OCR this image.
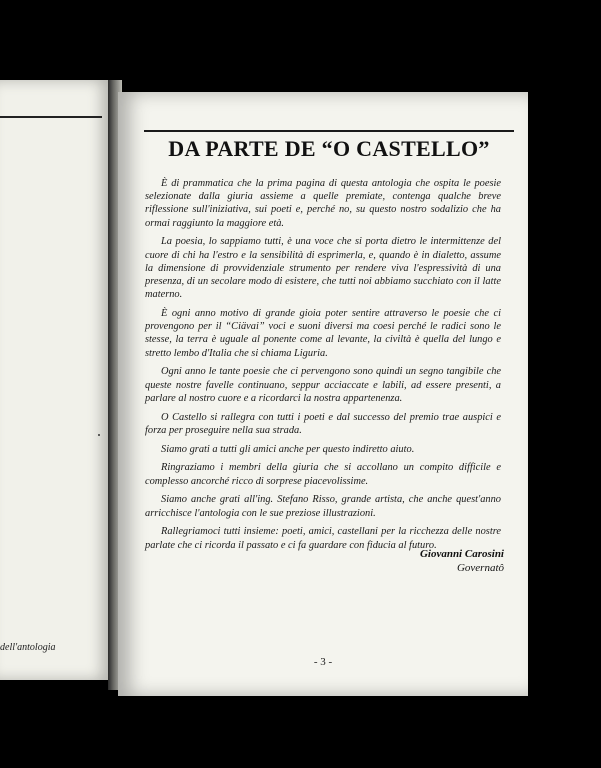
dell'antologia
DA PARTE DE “O CASTELLO”

È di prammatica che la prima pagina di questa antologia che ospita le poesie selezionate dalla giuria assieme a quelle premiate, contenga qualche breve riflessione sull'iniziativa, sui poeti e, perché no, su questo nostro sodalizio che ha ormai raggiunto la maggiore età.

La poesia, lo sappiamo tutti, è una voce che si porta dietro le intermittenze del cuore di chi ha l'estro e la sensibilità di esprimerla, e, quando è in dialetto, assume la dimensione di provvidenziale strumento per rendere viva l'espressività di una presenza, di un secolare modo di esistere, che tutti noi abbiamo succhiato con il latte materno.

È ogni anno motivo di grande gioia poter sentire attraverso le poesie che ci provengono per il “Ciävai” voci e suoni diversi ma coesi perché le radici sono le stesse, la terra è uguale al ponente come al levante, la civiltà è quella del lungo e stretto lembo d'Italia che si chiama Liguria.

Ogni anno le tante poesie che ci pervengono sono quindi un segno tangibile che queste nostre favelle continuano, seppur acciaccate e labili, ad essere presenti, a parlare al nostro cuore e a ricordarci la nostra appartenenza.

O Castello si rallegra con tutti i poeti e dal successo del premio trae auspici e forza per proseguire nella sua strada.

Siamo grati a tutti gli amici anche per questo indiretto aiuto.

Ringraziamo i membri della giuria che si accollano un compito difficile e complesso ancorché ricco di sorprese piacevolissime.

Siamo anche grati all'ing. Stefano Risso, grande artista, che anche quest'anno arricchisce l'antologia con le sue preziose illustrazioni.

Rallegriamoci tutti insieme: poeti, amici, castellani per la ricchezza delle nostre parlate che ci ricorda il passato e ci fa guardare con fiducia al futuro.

Giovanni Carosini
Governatô
- 3 -
